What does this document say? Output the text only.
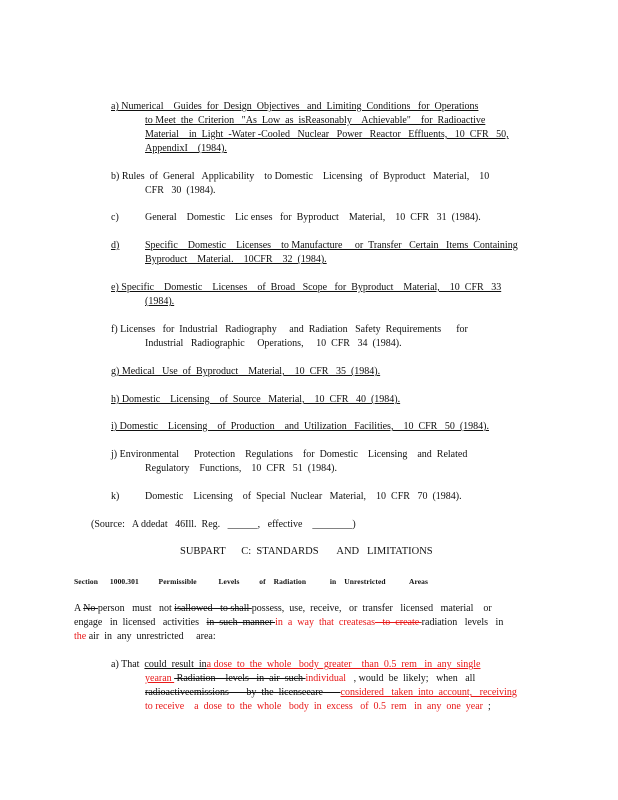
a) Numerical    Guides  for  Design  Objectives   and  Limiting  Conditions   for  Operations
to Meet  the  Criterion   "As  Low  as  isReasonably    Achievable"    for  Radioactive
Material    in  Light  -Water -Cooled   Nuclear   Power   Reactor   Effluents,   10  CFR   50,
AppendixI    (1984).
b) Rules  of  General   Applicability    to Domestic    Licensing   of  Byproduct   Material,    10
CFR   30  (1984).
c)	General    Domestic    Lic enses   for  Byproduct    Material,    10  CFR   31  (1984).
d)	Specific    Domestic    Licenses    to Manufacture     or  Transfer   Certain   Items  Containing
Byproduct    Material.    10CFR    32  (1984).
e) Specific    Domestic    Licenses    of  Broad   Scope   for  Byproduct    Material,    10  CFR   33
(1984).
f) Licenses   for  Industrial   Radiography     and  Radiation   Safety  Requirements      for
Industrial   Radiographic     Operations,     10  CFR   34  (1984).
g) Medical   Use  of  Byproduct    Material,    10  CFR   35  (1984).
h) Domestic    Licensing    of  Source   Material,    10  CFR   40  (1984).
i) Domestic    Licensing    of  Production    and  Utilization   Facilities,    10  CFR   50  (1984).
j) Environmental      Protection    Regulations    for  Domestic    Licensing    and  Related
Regulatory    Functions,    10  CFR   51  (1984).
k)	Domestic    Licensing    of  Special  Nuclear   Material,    10  CFR   70  (1984).
(Source:   A ddedat   46Ill.  Reg.   ______,   effective    ________)
SUBPART      C:  STANDARDS       AND   LIMITATIONS
Section      1000.301          Permissible           Levels          of    Radiation            in    Unrestricted            Areas
A No person   must   not isallowed   to shall possess,  use,  receive,   or  transfer   licensed   material    or
engage   in  licensed   activities   in  such  manner in  a  way  that  createsas   to  create radiation   levels   in
the air  in  any  unrestricted     area:
a) That  could  result  ina dose  to  the  whole   body  greater    than  0.5  rem   in  any  single
yearan  Radiation    levels   in  air  such individual   , would  be  likely;   when   all
radioactiveemissions       by  the  licenseeare       considered   taken  into  account,   receiving
to receive    a  dose  to  the  whole   body  in  excess   of  0.5  rem   in  any  one  year  ;
